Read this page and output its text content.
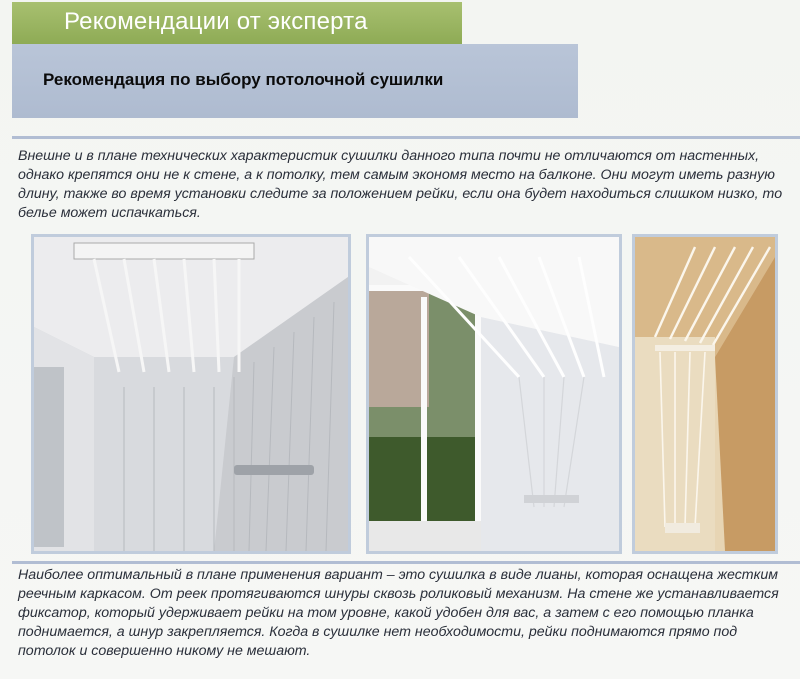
Рекомендации от эксперта
Рекомендация по выбору потолочной сушилки

Внешне и в плане технических характеристик сушилки данного типа почти не отличаются от настенных, однако крепятся они не к стене, а к потолку, тем самым экономя место на балконе. Они могут иметь разную длину, также во время установки следите за положением рейки, если она будет находиться слишком низко, то белье может испачкаться.

Наиболее оптимальный в плане применения вариант – это сушилка в виде лианы, которая оснащена жестким реечным каркасом. От реек протягиваются шнуры сквозь роликовый механизм. На стене же устанавливается фиксатор, который удерживает рейки на том уровне, какой удобен для вас, а затем с его помощью планка поднимается, а шнур закрепляется. Когда в сушилке нет необходимости, рейки поднимаются прямо под потолок и совершенно никому не мешают.
